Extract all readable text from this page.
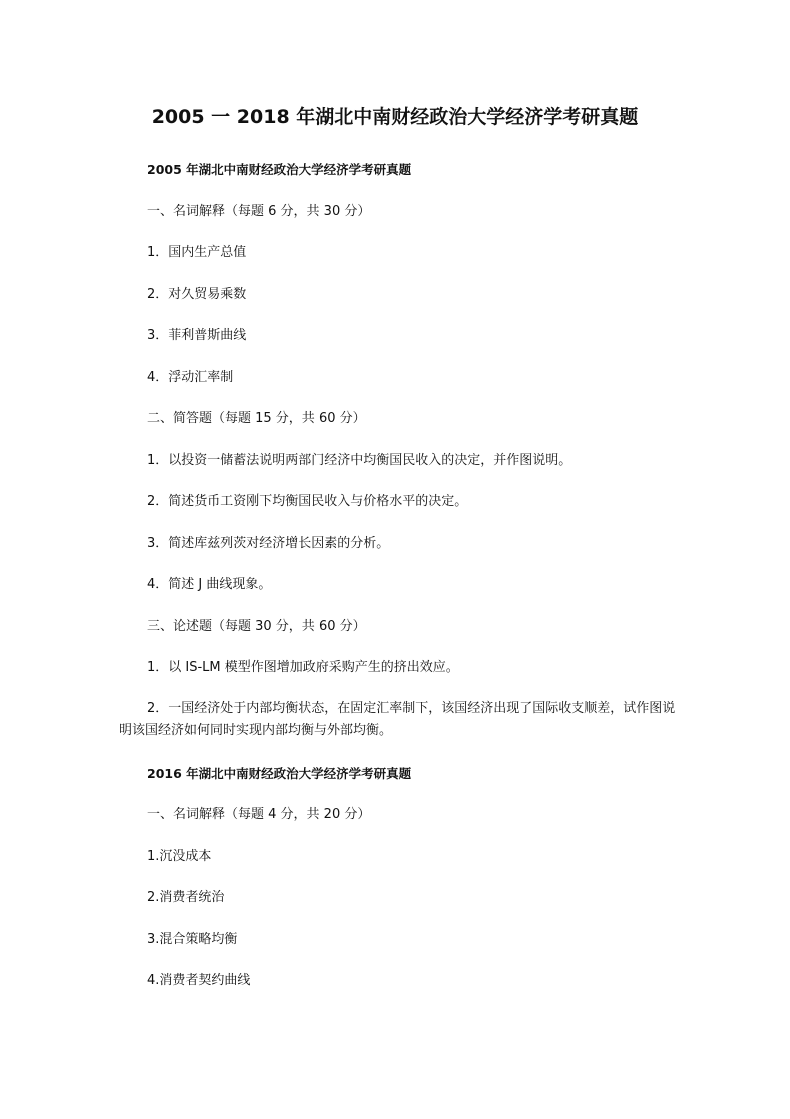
2005 一 2018 年湖北中南财经政治大学经济学考研真题
2005 年湖北中南财经政治大学经济学考研真题
一、名词解释（每题 6 分，共 30 分）
1．国内生产总值
2．对久贸易乘数
3．菲利普斯曲线
4．浮动汇率制
二、简答题（每题 15 分，共 60 分）
1．以投资一储蓄法说明两部门经济中均衡国民收入的决定，并作图说明。
2．简述货币工资刚下均衡国民收入与价格水平的决定。
3．简述库兹列茨对经济增长因素的分析。
4．简述 J 曲线现象。
三、论述题（每题 30 分，共 60 分）
1．以 IS-LM 模型作图增加政府采购产生的挤出效应。
2．一国经济处于内部均衡状态，在固定汇率制下，该国经济出现了国际收支顺差，试作图说明该国经济如何同时实现内部均衡与外部均衡。
2016 年湖北中南财经政治大学经济学考研真题
一、名词解释（每题 4 分，共 20 分）
1.沉没成本
2.消费者统治
3.混合策略均衡
4.消费者契约曲线
